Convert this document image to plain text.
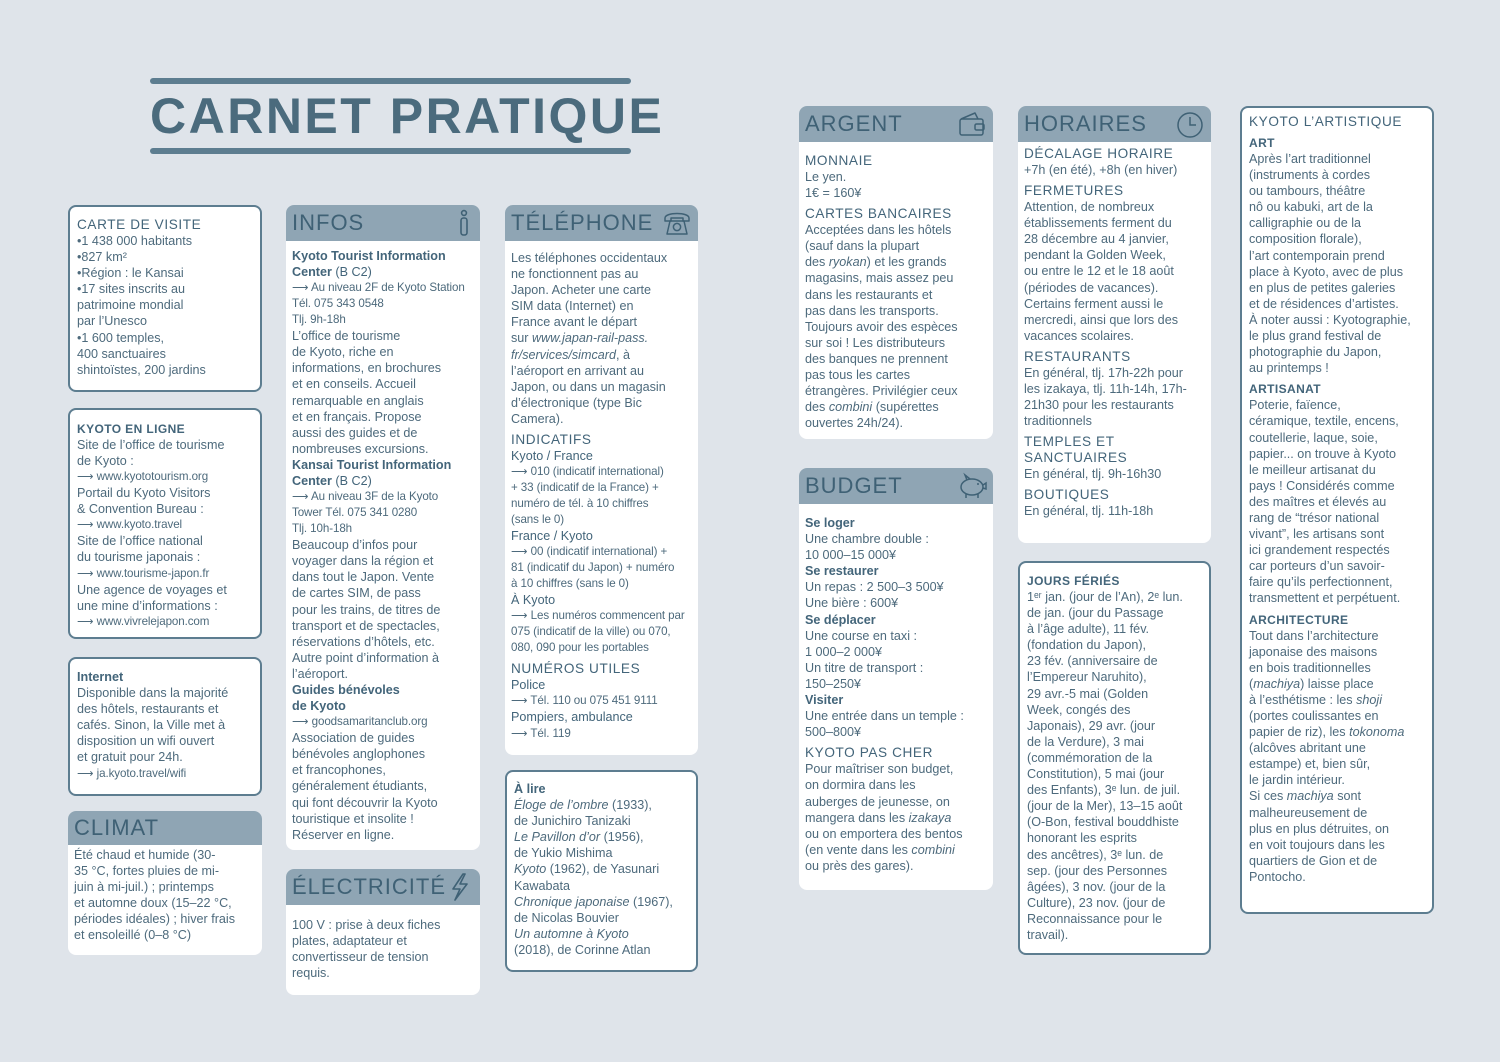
CARNET PRATIQUE
CARTE DE VISITE
•1 438 000 habitants
•827 km²
•Région : le Kansai
•17 sites inscrits au
patrimoine mondial
par l’Unesco
•1 600 temples,
400 sanctuaires
shintoïstes, 200 jardins
KYOTO EN LIGNE
Site de l’office de tourisme
de Kyoto :
⟶ www.kyototourism.org
Portail du Kyoto Visitors
& Convention Bureau :
⟶ www.kyoto.travel
Site de l’office national
du tourisme japonais :
⟶ www.tourisme-japon.fr
Une agence de voyages et
une mine d’informations :
⟶ www.vivrelejapon.com
Internet
Disponible dans la majorité
des hôtels, restaurants et
cafés. Sinon, la Ville met à
disposition un wifi ouvert
et gratuit pour 24h.
⟶ ja.kyoto.travel/wifi
CLIMAT
Été chaud et humide (30-
35 °C, fortes pluies de mi-
juin à mi-juil.) ; printemps
et automne doux (15–22 °C,
périodes idéales) ; hiver frais
et ensoleillé (0–8 °C)
INFOS
Kyoto Tourist Information
Center (B C2)
⟶ Au niveau 2F de Kyoto Station
Tél. 075 343 0548
Tlj. 9h-18h
L’office de tourisme
de Kyoto, riche en
informations, en brochures
et en conseils. Accueil
remarquable en anglais
et en français. Propose
aussi des guides et de
nombreuses excursions.
Kansai Tourist Information
Center (B C2)
⟶ Au niveau 3F de la Kyoto
Tower Tél. 075 341 0280
Tlj. 10h-18h
Beaucoup d’infos pour
voyager dans la région et
dans tout le Japon. Vente
de cartes SIM, de pass
pour les trains, de titres de
transport et de spectacles,
réservations d’hôtels, etc.
Autre point d’information à
l’aéroport.
Guides bénévoles
de Kyoto
⟶ goodsamaritanclub.org
Association de guides
bénévoles anglophones
et francophones,
généralement étudiants,
qui font découvrir la Kyoto
touristique et insolite !
Réserver en ligne.
ÉLECTRICITÉ
100 V : prise à deux fiches
plates, adaptateur et
convertisseur de tension
requis.
TÉLÉPHONE
Les téléphones occidentaux
ne fonctionnent pas au
Japon. Acheter une carte
SIM data (Internet) en
France avant le départ
sur www.japan-rail-pass.
fr/services/simcard, à
l’aéroport en arrivant au
Japon, ou dans un magasin
d’électronique (type Bic
Camera).
INDICATIFS
Kyoto / France
⟶ 010 (indicatif international)
+ 33 (indicatif de la France) +
numéro de tél. à 10 chiffres
(sans le 0)
France / Kyoto
⟶ 00 (indicatif international) +
81 (indicatif du Japon) + numéro
à 10 chiffres (sans le 0)
À Kyoto
⟶ Les numéros commencent par
075 (indicatif de la ville) ou 070,
080, 090 pour les portables
NUMÉROS UTILES
Police
⟶ Tél. 110 ou 075 451 9111
Pompiers, ambulance
⟶ Tél. 119
À lire
Éloge de l’ombre (1933),
de Junichiro Tanizaki
Le Pavillon d’or (1956),
de Yukio Mishima
Kyoto (1962), de Yasunari
Kawabata
Chronique japonaise (1967),
de Nicolas Bouvier
Un automne à Kyoto
(2018), de Corinne Atlan
ARGENT
MONNAIE
Le yen.
1€ = 160¥
CARTES BANCAIRES
Acceptées dans les hôtels
(sauf dans la plupart
des ryokan) et les grands
magasins, mais assez peu
dans les restaurants et
pas dans les transports.
Toujours avoir des espèces
sur soi ! Les distributeurs
des banques ne prennent
pas tous les cartes
étrangères. Privilégier ceux
des combini (supérettes
ouvertes 24h/24).
BUDGET
Se loger
Une chambre double :
10 000–15 000¥
Se restaurer
Un repas : 2 500–3 500¥
Une bière : 600¥
Se déplacer
Une course en taxi :
1 000–2 000¥
Un titre de transport :
150–250¥
Visiter
Une entrée dans un temple :
500–800¥
KYOTO PAS CHER
Pour maîtriser son budget,
on dormira dans les
auberges de jeunesse, on
mangera dans les izakaya
ou on emportera des bentos
(en vente dans les combini
ou près des gares).
HORAIRES
DÉCALAGE HORAIRE
+7h (en été), +8h (en hiver)
FERMETURES
Attention, de nombreux
établissements ferment du
28 décembre au 4 janvier,
pendant la Golden Week,
ou entre le 12 et le 18 août
(périodes de vacances).
Certains ferment aussi le
mercredi, ainsi que lors des
vacances scolaires.
RESTAURANTS
En général, tlj. 17h-22h pour
les izakaya, tlj. 11h-14h, 17h-
21h30 pour les restaurants
traditionnels
TEMPLES ET
SANCTUAIRES
En général, tlj. 9h-16h30
BOUTIQUES
En général, tlj. 11h-18h
JOURS FÉRIÉS
1ᵉʳ jan. (jour de l’An), 2ᵉ lun.
de jan. (jour du Passage
à l’âge adulte), 11 fév.
(fondation du Japon),
23 fév. (anniversaire de
l’Empereur Naruhito),
29 avr.-5 mai (Golden
Week, congés des
Japonais), 29 avr. (jour
de la Verdure), 3 mai
(commémoration de la
Constitution), 5 mai (jour
des Enfants), 3ᵉ lun. de juil.
(jour de la Mer), 13–15 août
(O-Bon, festival bouddhiste
honorant les esprits
des ancêtres), 3ᵉ lun. de
sep. (jour des Personnes
âgées), 3 nov. (jour de la
Culture), 23 nov. (jour de
Reconnaissance pour le
travail).
KYOTO L’ARTISTIQUE
ART
Après l’art traditionnel
(instruments à cordes
ou tambours, théâtre
nô ou kabuki, art de la
calligraphie ou de la
composition florale),
l’art contemporain prend
place à Kyoto, avec de plus
en plus de petites galeries
et de résidences d’artistes.
À noter aussi : Kyotographie,
le plus grand festival de
photographie du Japon,
au printemps !
ARTISANAT
Poterie, faïence,
céramique, textile, encens,
coutellerie, laque, soie,
papier... on trouve à Kyoto
le meilleur artisanat du
pays ! Considérés comme
des maîtres et élevés au
rang de “trésor national
vivant”, les artisans sont
ici grandement respectés
car porteurs d’un savoir-
faire qu’ils perfectionnent,
transmettent et perpétuent.
ARCHITECTURE
Tout dans l’architecture
japonaise des maisons
en bois traditionnelles
(machiya) laisse place
à l’esthétisme : les shoji
(portes coulissantes en
papier de riz), les tokonoma
(alcôves abritant une
estampe) et, bien sûr,
le jardin intérieur.
Si ces machiya sont
malheureusement de
plus en plus détruites, on
en voit toujours dans les
quartiers de Gion et de
Pontocho.
